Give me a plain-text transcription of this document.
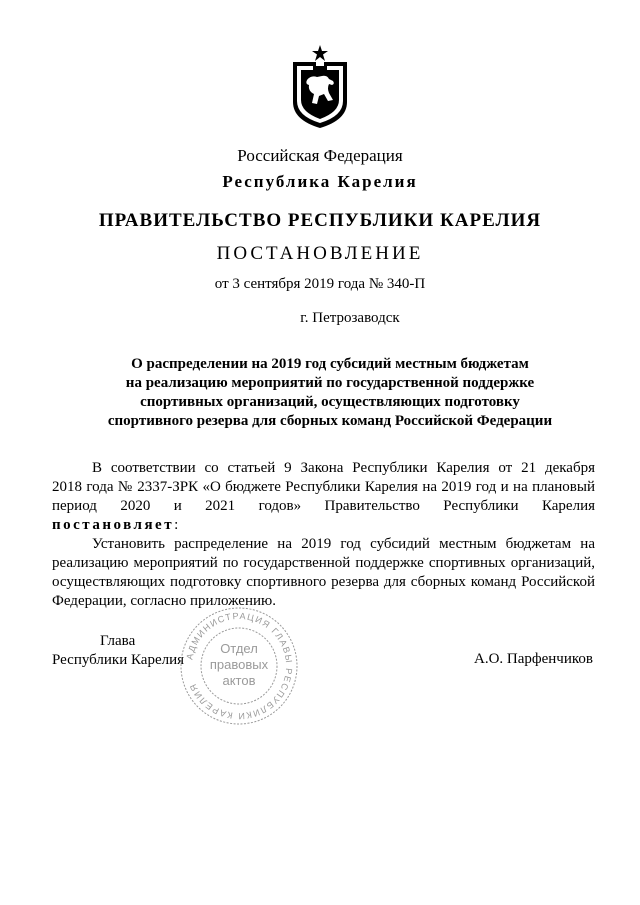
Российская Федерация
Республика Карелия
ПРАВИТЕЛЬСТВО РЕСПУБЛИКИ КАРЕЛИЯ
ПОСТАНОВЛЕНИЕ
от 3 сентября 2019 года № 340-П
г. Петрозаводск
О распределении на 2019 год субсидий местным бюджетам
на реализацию мероприятий по государственной поддержке
спортивных организаций, осуществляющих подготовку
спортивного резерва для сборных команд Российской Федерации
В соответствии со статьей 9 Закона Республики Карелия от 21 декабря
2018 года № 2337-ЗРК «О бюджете Республики Карелия на 2019 год и на плановый
период 2020 и 2021 годов» Правительство Республики Карелия
постановляет:
Установить распределение на 2019 год субсидий местным бюджетам на
реализацию мероприятий по государственной поддержке спортивных организаций,
осуществляющих подготовку спортивного резерва для сборных команд Российской
Федерации, согласно приложению.
Глава
Республики Карелия	А.О. Парфенчиков
АДМИНИСТРАЦИЯ ГЛАВЫ РЕСПУБЛИКИ КАРЕЛИЯ
Отдел
правовых
актов
